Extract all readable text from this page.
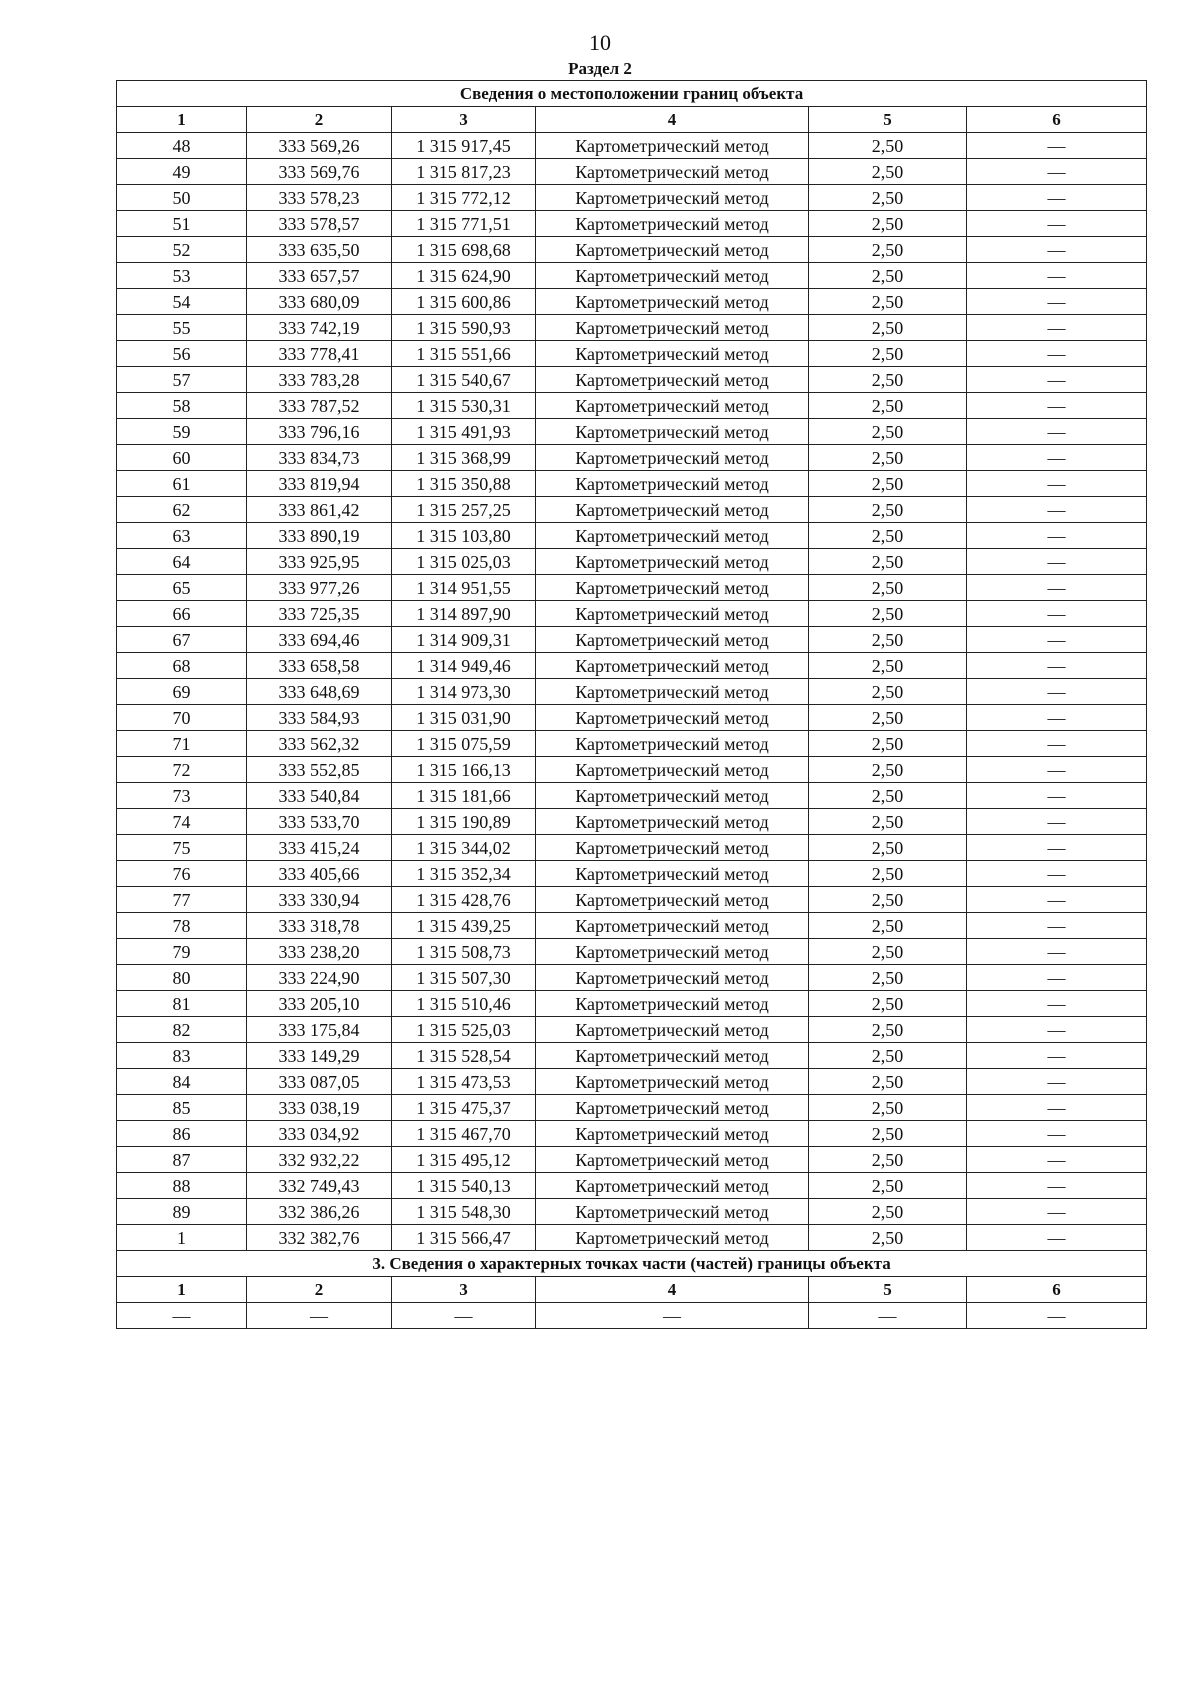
10
Раздел 2
Сведения о местоположении границ объекта					
1	2	3	4	5	6
48	333 569,26	1 315 917,45	Картометрический метод	2,50	—
49	333 569,76	1 315 817,23	Картометрический метод	2,50	—
50	333 578,23	1 315 772,12	Картометрический метод	2,50	—
51	333 578,57	1 315 771,51	Картометрический метод	2,50	—
52	333 635,50	1 315 698,68	Картометрический метод	2,50	—
53	333 657,57	1 315 624,90	Картометрический метод	2,50	—
54	333 680,09	1 315 600,86	Картометрический метод	2,50	—
55	333 742,19	1 315 590,93	Картометрический метод	2,50	—
56	333 778,41	1 315 551,66	Картометрический метод	2,50	—
57	333 783,28	1 315 540,67	Картометрический метод	2,50	—
58	333 787,52	1 315 530,31	Картометрический метод	2,50	—
59	333 796,16	1 315 491,93	Картометрический метод	2,50	—
60	333 834,73	1 315 368,99	Картометрический метод	2,50	—
61	333 819,94	1 315 350,88	Картометрический метод	2,50	—
62	333 861,42	1 315 257,25	Картометрический метод	2,50	—
63	333 890,19	1 315 103,80	Картометрический метод	2,50	—
64	333 925,95	1 315 025,03	Картометрический метод	2,50	—
65	333 977,26	1 314 951,55	Картометрический метод	2,50	—
66	333 725,35	1 314 897,90	Картометрический метод	2,50	—
67	333 694,46	1 314 909,31	Картометрический метод	2,50	—
68	333 658,58	1 314 949,46	Картометрический метод	2,50	—
69	333 648,69	1 314 973,30	Картометрический метод	2,50	—
70	333 584,93	1 315 031,90	Картометрический метод	2,50	—
71	333 562,32	1 315 075,59	Картометрический метод	2,50	—
72	333 552,85	1 315 166,13	Картометрический метод	2,50	—
73	333 540,84	1 315 181,66	Картометрический метод	2,50	—
74	333 533,70	1 315 190,89	Картометрический метод	2,50	—
75	333 415,24	1 315 344,02	Картометрический метод	2,50	—
76	333 405,66	1 315 352,34	Картометрический метод	2,50	—
77	333 330,94	1 315 428,76	Картометрический метод	2,50	—
78	333 318,78	1 315 439,25	Картометрический метод	2,50	—
79	333 238,20	1 315 508,73	Картометрический метод	2,50	—
80	333 224,90	1 315 507,30	Картометрический метод	2,50	—
81	333 205,10	1 315 510,46	Картометрический метод	2,50	—
82	333 175,84	1 315 525,03	Картометрический метод	2,50	—
83	333 149,29	1 315 528,54	Картометрический метод	2,50	—
84	333 087,05	1 315 473,53	Картометрический метод	2,50	—
85	333 038,19	1 315 475,37	Картометрический метод	2,50	—
86	333 034,92	1 315 467,70	Картометрический метод	2,50	—
87	332 932,22	1 315 495,12	Картометрический метод	2,50	—
88	332 749,43	1 315 540,13	Картометрический метод	2,50	—
89	332 386,26	1 315 548,30	Картометрический метод	2,50	—
1	332 382,76	1 315 566,47	Картометрический метод	2,50	—
3. Сведения о характерных точках части (частей) границы объекта					
1	2	3	4	5	6
—	—	—	—	—	—
